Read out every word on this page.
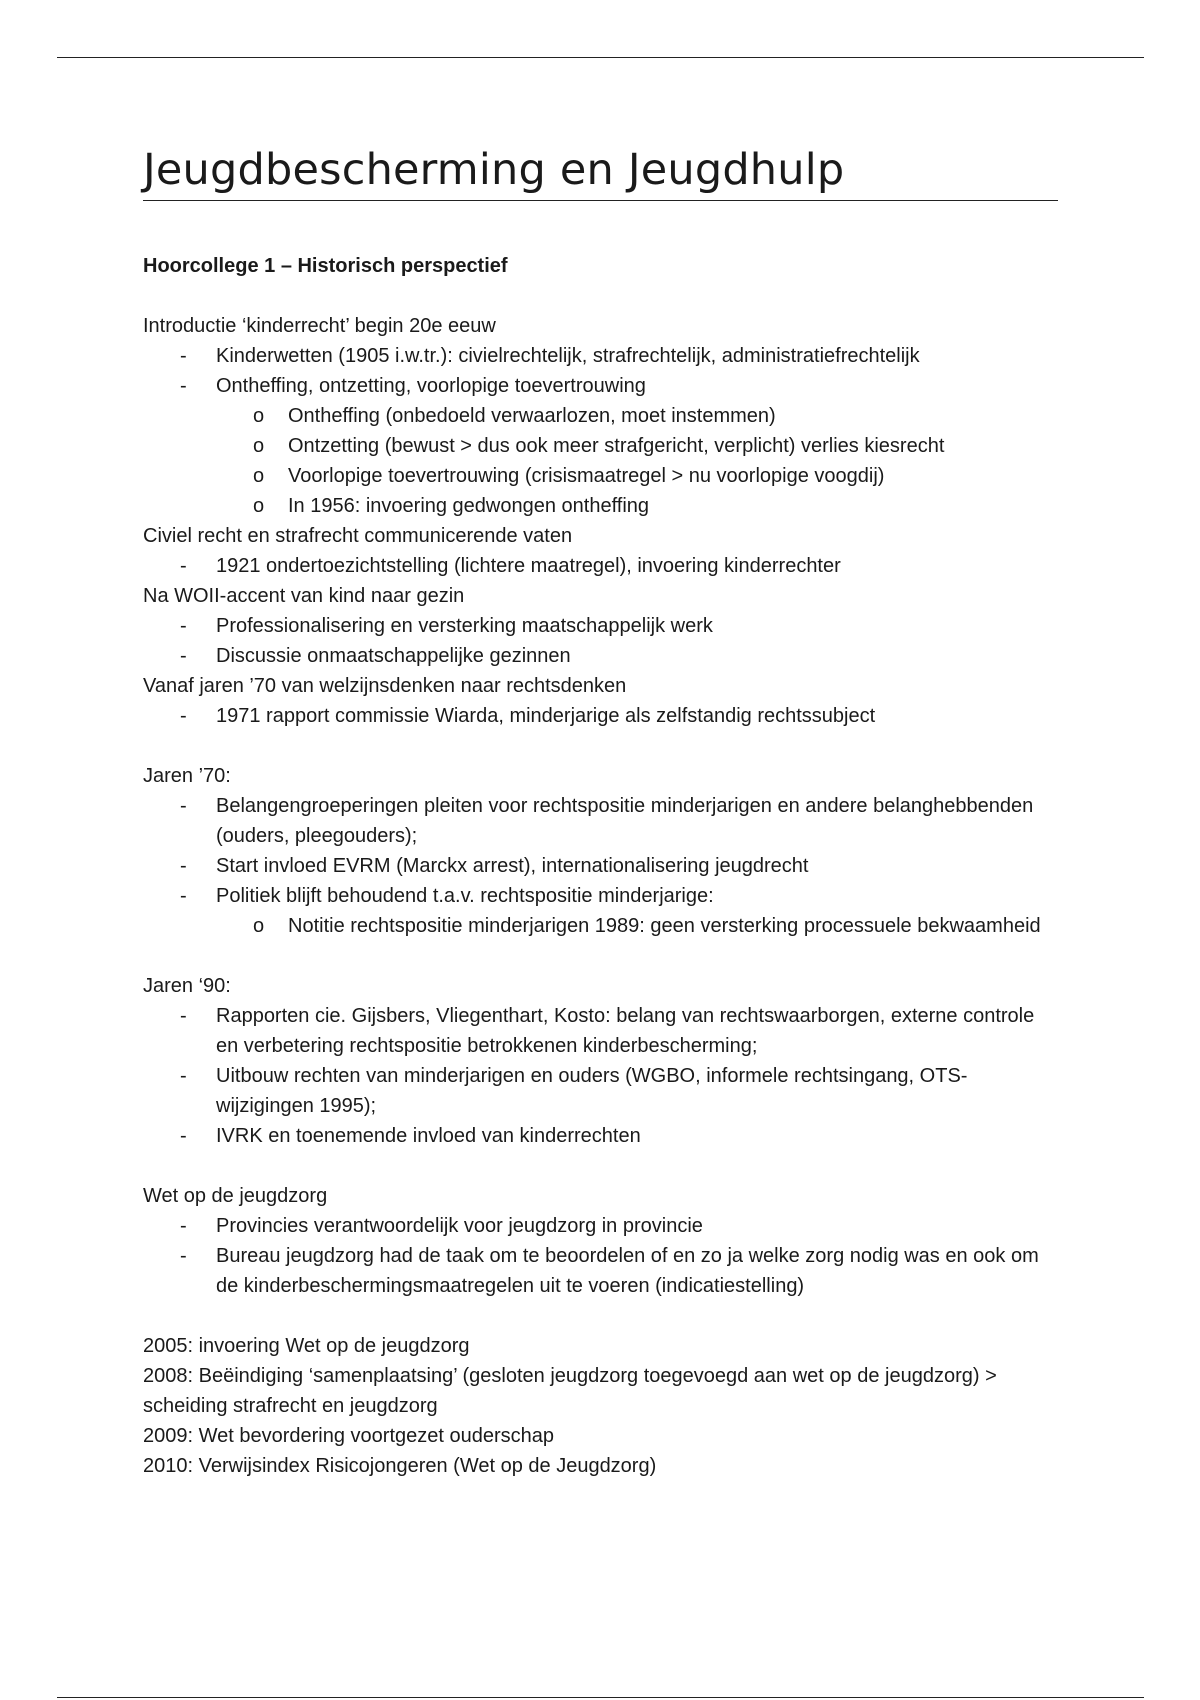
Jeugdbescherming en Jeugdhulp
Hoorcollege 1 – Historisch perspectief
Introductie ‘kinderrecht’ begin 20e eeuw
- Kinderwetten (1905 i.w.tr.): civielrechtelijk, strafrechtelijk, administratiefrechtelijk
- Ontheffing, ontzetting, voorlopige toevertrouwing
o Ontheffing (onbedoeld verwaarlozen, moet instemmen)
o Ontzetting (bewust > dus ook meer strafgericht, verplicht) verlies kiesrecht
o Voorlopige toevertrouwing (crisismaatregel > nu voorlopige voogdij)
o In 1956: invoering gedwongen ontheffing
Civiel recht en strafrecht communicerende vaten
- 1921 ondertoezichtstelling (lichtere maatregel), invoering kinderrechter
Na WOII-accent van kind naar gezin
- Professionalisering en versterking maatschappelijk werk
- Discussie onmaatschappelijke gezinnen
Vanaf jaren ’70 van welzijnsdenken naar rechtsdenken
- 1971 rapport commissie Wiarda, minderjarige als zelfstandig rechtssubject
Jaren ’70:
- Belangengroeperingen pleiten voor rechtspositie minderjarigen en andere belanghebbenden (ouders, pleegouders);
- Start invloed EVRM (Marckx arrest), internationalisering jeugdrecht
- Politiek blijft behoudend t.a.v. rechtspositie minderjarige:
o Notitie rechtspositie minderjarigen 1989: geen versterking processuele bekwaamheid
Jaren ‘90:
- Rapporten cie. Gijsbers, Vliegenthart, Kosto: belang van rechtswaarborgen, externe controle en verbetering rechtspositie betrokkenen kinderbescherming;
- Uitbouw rechten van minderjarigen en ouders (WGBO, informele rechtsingang, OTS-wijzigingen 1995);
- IVRK en toenemende invloed van kinderrechten
Wet op de jeugdzorg
- Provincies verantwoordelijk voor jeugdzorg in provincie
- Bureau jeugdzorg had de taak om te beoordelen of en zo ja welke zorg nodig was en ook om de kinderbeschermingsmaatregelen uit te voeren (indicatiestelling)
2005: invoering Wet op de jeugdzorg
2008: Beëindiging ‘samenplaatsing’ (gesloten jeugdzorg toegevoegd aan wet op de jeugdzorg) > scheiding strafrecht en jeugdzorg
2009: Wet bevordering voortgezet ouderschap
2010: Verwijsindex Risicojongeren (Wet op de Jeugdzorg)
